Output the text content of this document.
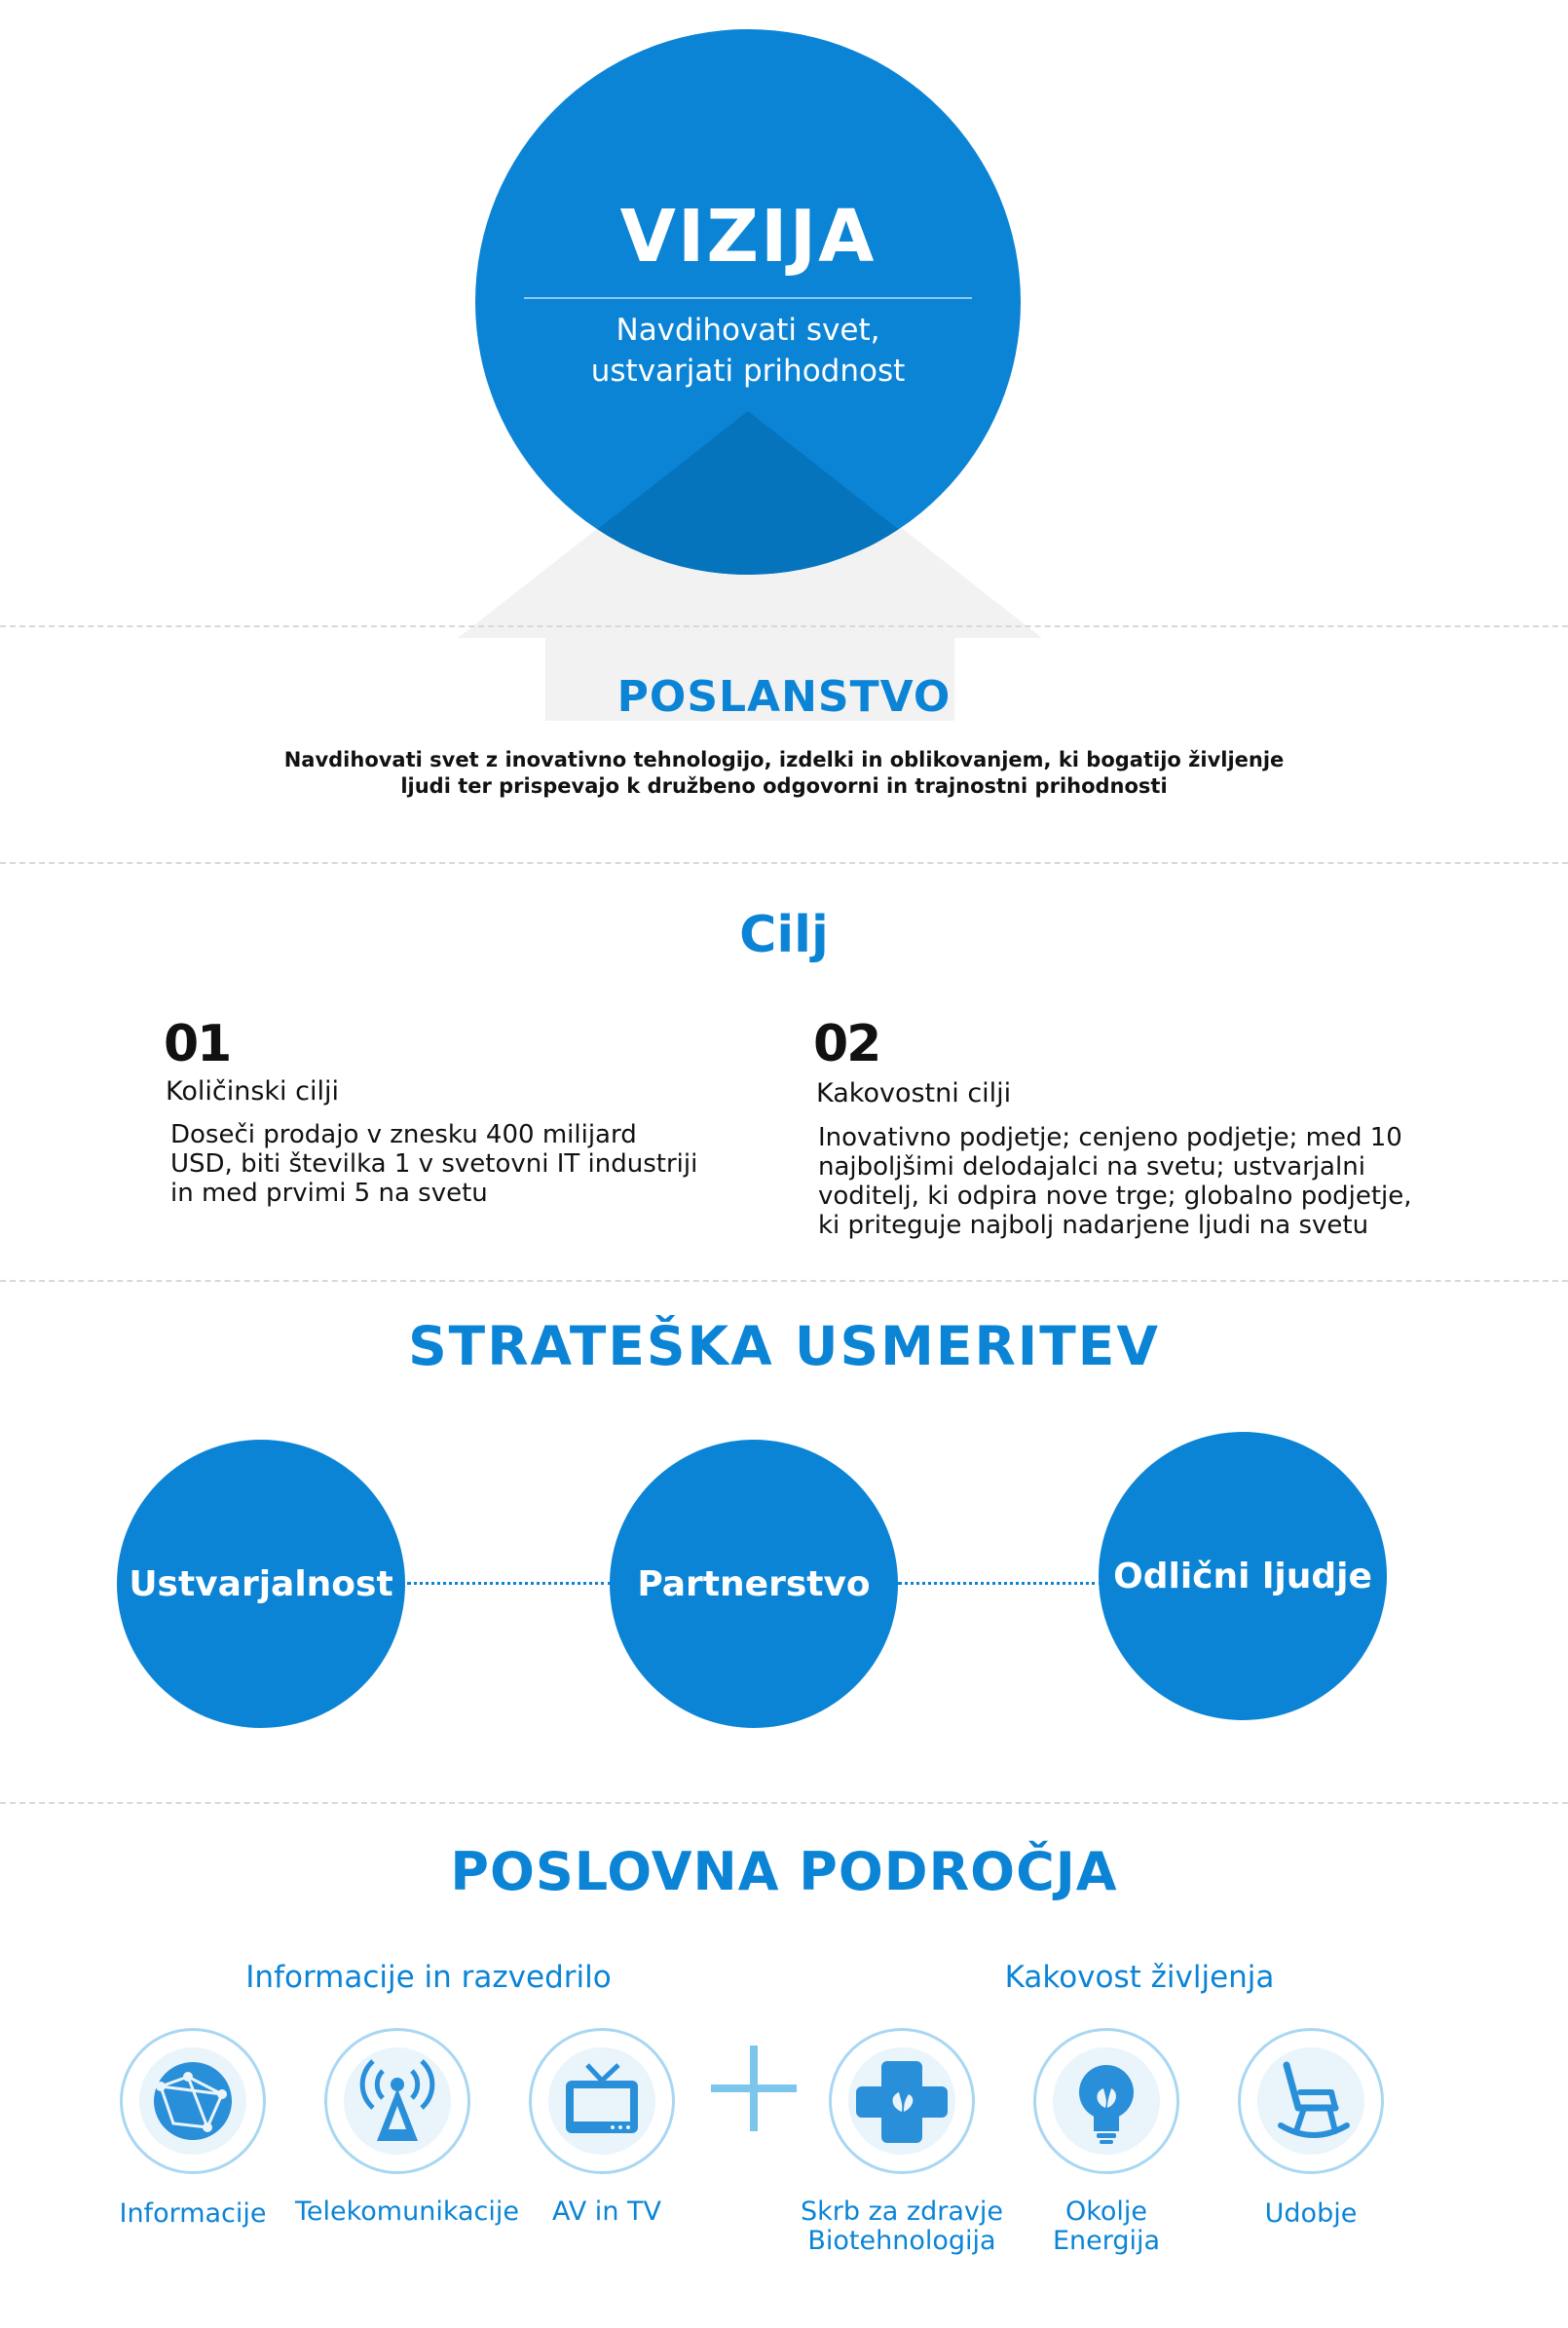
VIZIJA
Navdihovati svet,
ustvarjati prihodnost
POSLANSTVO
Navdihovati svet z inovativno tehnologijo, izdelki in oblikovanjem, ki bogatijo življenje
ljudi ter prispevajo k družbeno odgovorni in trajnostni prihodnosti
Cilj
01
Količinski cilji
Doseči prodajo v znesku 400 milijard
USD, biti številka 1 v svetovni IT industriji
in med prvimi 5 na svetu
02
Kakovostni cilji
Inovativno podjetje; cenjeno podjetje; med 10
najboljšimi delodajalci na svetu; ustvarjalni
voditelj, ki odpira nove trge; globalno podjetje,
ki priteguje najbolj nadarjene ljudi na svetu
STRATEŠKA USMERITEV
Ustvarjalnost	Partnerstvo	Odlični ljudje
POSLOVNA PODROČJA
Informacije in razvedrilo	Kakovost življenja
Informacije	Telekomunikacije	AV in TV	Skrb za zdravje
Biotehnologija
Okolje
Energija
Udobje
